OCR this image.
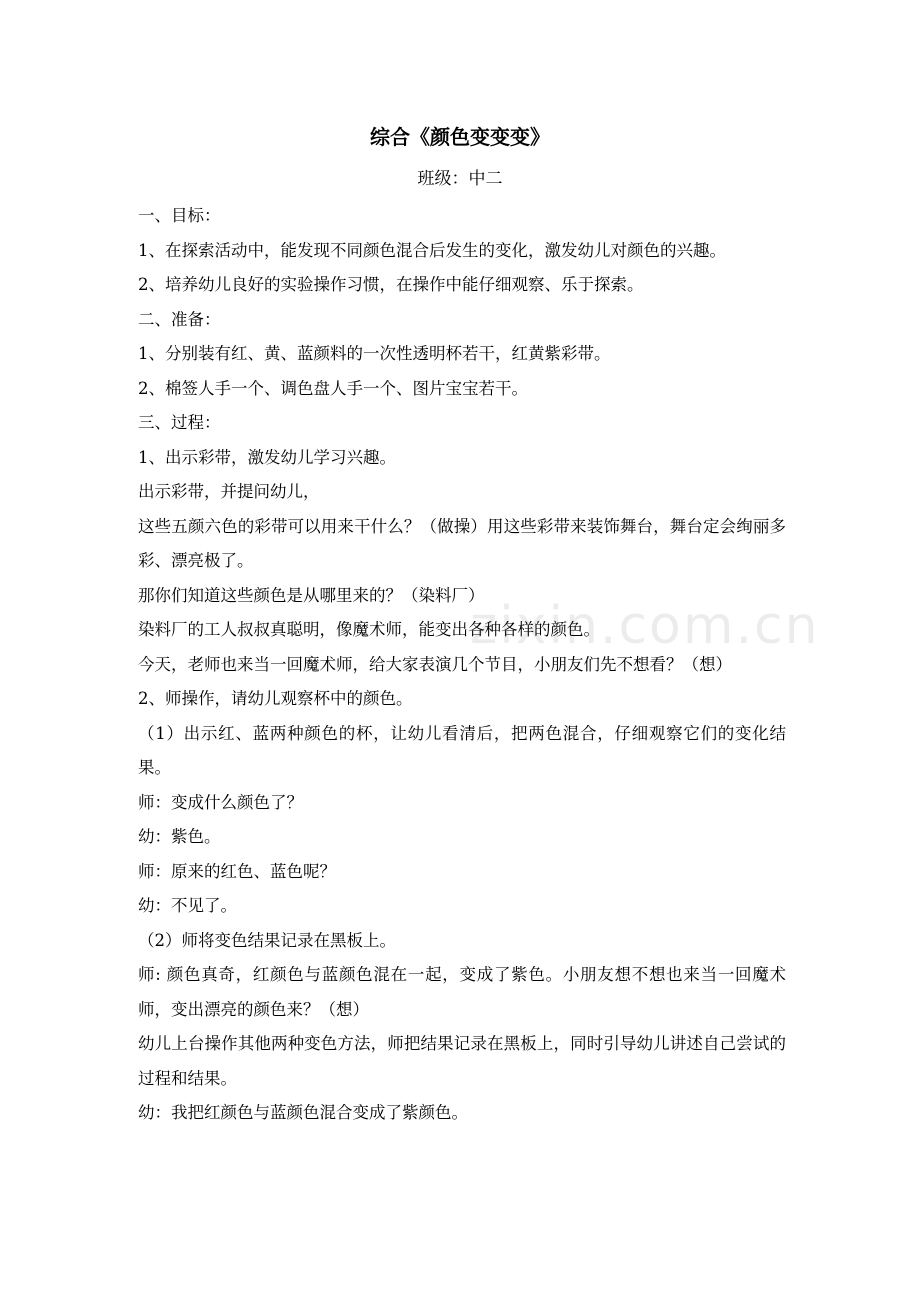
综合《颜色变变变》

班级：中二

一、目标：

1、在探索活动中，能发现不同颜色混合后发生的变化，激发幼儿对颜色的兴趣。

2、培养幼儿良好的实验操作习惯，在操作中能仔细观察、乐于探索。

二、准备：

1、分别装有红、黄、蓝颜料的一次性透明杯若干，红黄紫彩带。

2、棉签人手一个、调色盘人手一个、图片宝宝若干。

三、过程：

1、出示彩带，激发幼儿学习兴趣。

出示彩带，并提问幼儿，

这些五颜六色的彩带可以用来干什么？（做操）用这些彩带来装饰舞台，舞台定会绚丽多彩、漂亮极了。

那你们知道这些颜色是从哪里来的？（染料厂）

染料厂的工人叔叔真聪明，像魔术师，能变出各种各样的颜色。

今天，老师也来当一回魔术师，给大家表演几个节目，小朋友们先不想看？（想）

2、师操作，请幼儿观察杯中的颜色。

（1）出示红、蓝两种颜色的杯，让幼儿看清后，把两色混合，仔细观察它们的变化结果。

师：变成什么颜色了？

幼：紫色。

师：原来的红色、蓝色呢？

幼：不见了。

（2）师将变色结果记录在黑板上。

师: 颜色真奇，红颜色与蓝颜色混在一起，变成了紫色。小朋友想不想也来当一回魔术师，变出漂亮的颜色来？（想）

幼儿上台操作其他两种变色方法，师把结果记录在黑板上，同时引导幼儿讲述自己尝试的过程和结果。

幼：我把红颜色与蓝颜色混合变成了紫颜色。

zixin.com.cn
